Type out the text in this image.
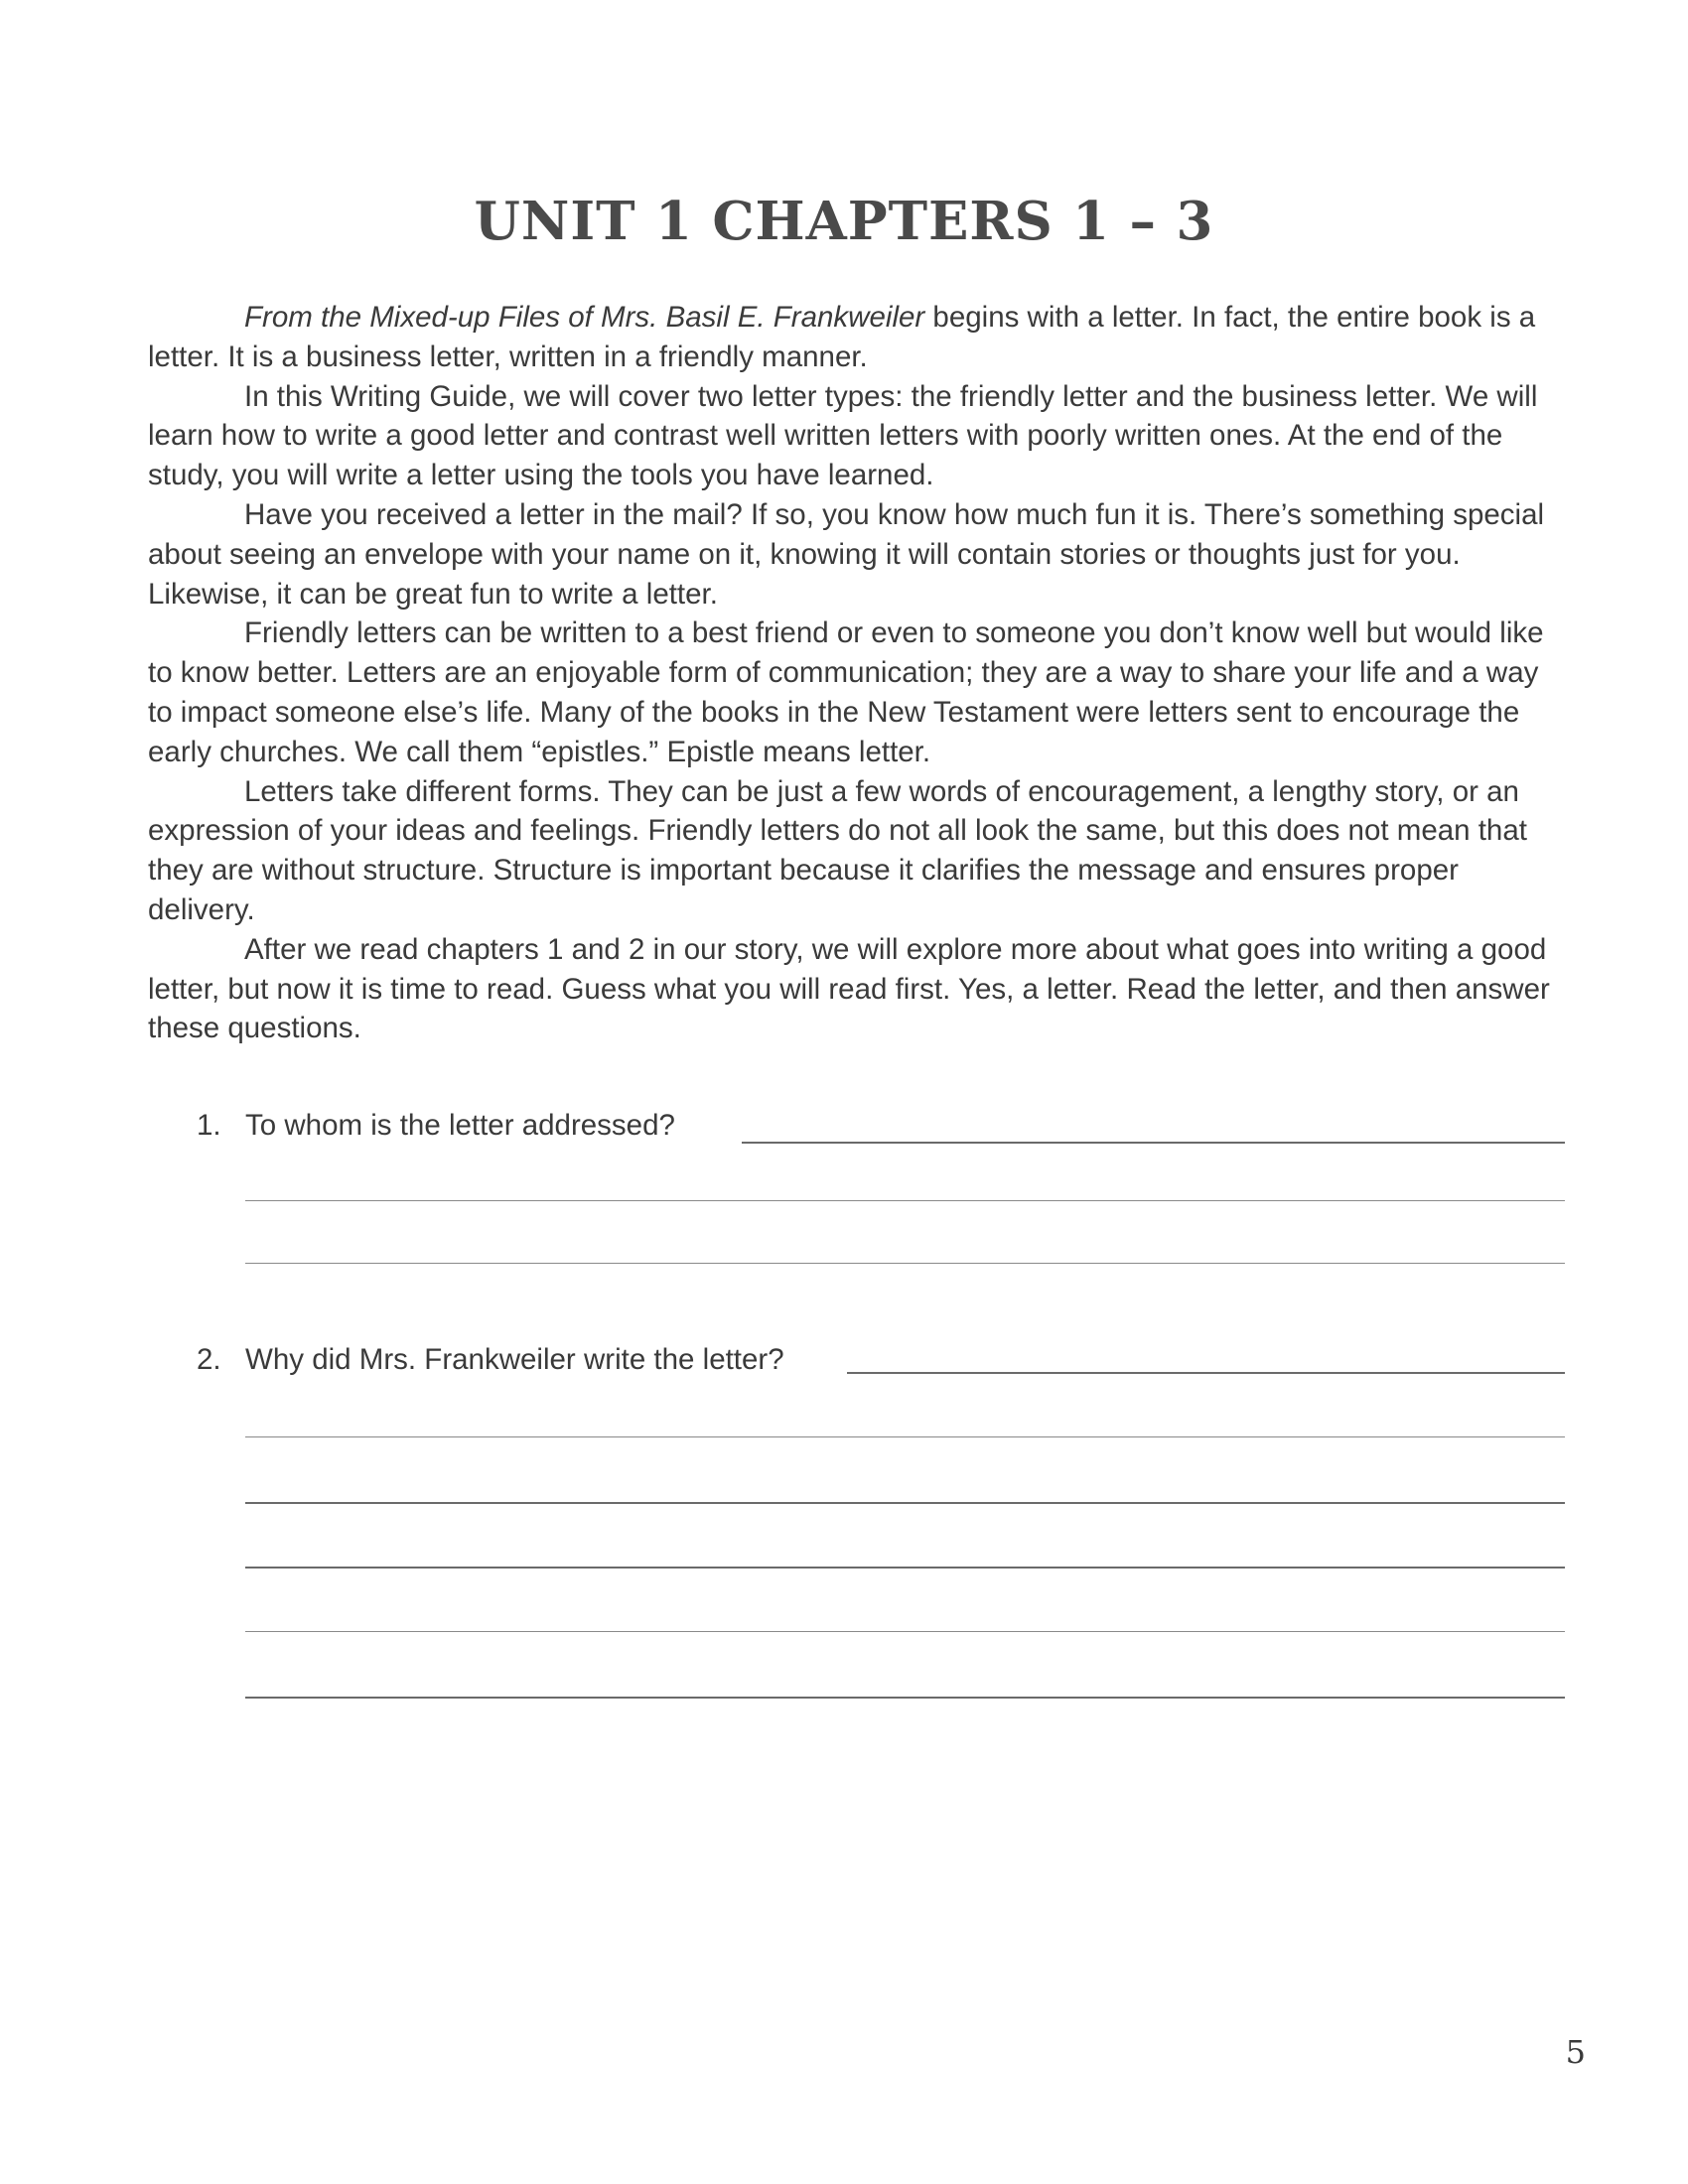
UNIT 1 CHAPTERS 1 – 3

From the Mixed-up Files of Mrs. Basil E. Frankweiler begins with a letter. In fact, the entire book is a letter. It is a business letter, written in a friendly manner.

In this Writing Guide, we will cover two letter types: the friendly letter and the business letter. We will learn how to write a good letter and contrast well written letters with poorly written ones. At the end of the study, you will write a letter using the tools you have learned.

Have you received a letter in the mail? If so, you know how much fun it is. There’s something special about seeing an envelope with your name on it, knowing it will contain stories or thoughts just for you. Likewise, it can be great fun to write a letter.

Friendly letters can be written to a best friend or even to someone you don’t know well but would like to know better. Letters are an enjoyable form of communication; they are a way to share your life and a way to impact someone else’s life. Many of the books in the New Testament were letters sent to encourage the early churches. We call them “epistles.” Epistle means letter.

Letters take different forms. They can be just a few words of encouragement, a lengthy story, or an expression of your ideas and feelings. Friendly letters do not all look the same, but this does not mean that they are without structure. Structure is important because it clarifies the message and ensures proper delivery.

After we read chapters 1 and 2 in our story, we will explore more about what goes into writing a good letter, but now it is time to read. Guess what you will read first. Yes, a letter. Read the letter, and then answer these questions.

1. To whom is the letter addressed?
2. Why did Mrs. Frankweiler write the letter?
5
